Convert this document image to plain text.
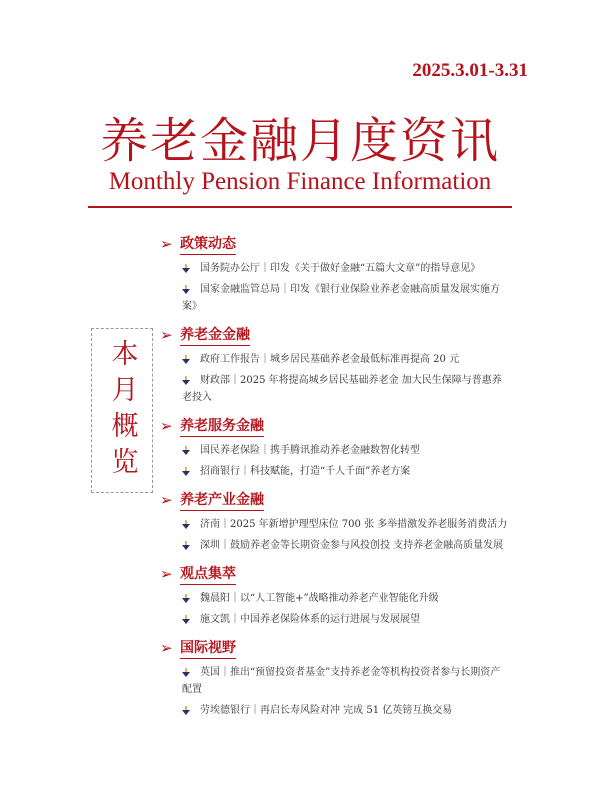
2025.3.01-3.31
养老金融月度资讯
Monthly Pension Finance Information
本月概览
➢ 政策动态
国务院办公厅｜印发《关于做好金融“五篇大文章”的指导意见》
国家金融监管总局｜印发《银行业保险业养老金融高质量发展实施方案》
➢ 养老金金融
政府工作报告｜城乡居民基础养老金最低标准再提高 20 元
财政部｜2025 年将提高城乡居民基础养老金 加大民生保障与普惠养老投入
➢ 养老服务金融
国民养老保险｜携手腾讯推动养老金融数智化转型
招商银行｜科技赋能，打造“千人千面”养老方案
➢ 养老产业金融
济南｜2025 年新增护理型床位 700 张 多举措激发养老服务消费活力
深圳｜鼓励养老金等长期资金参与风投创投 支持养老金融高质量发展
➢ 观点集萃
魏晨阳｜以“人工智能+”战略推动养老产业智能化升级
施文凯｜中国养老保险体系的运行进展与发展展望
➢ 国际视野
英国｜推出“预留投资者基金”支持养老金等机构投资者参与长期资产配置
劳埃德银行｜再启长寿风险对冲 完成 51 亿英镑互换交易
